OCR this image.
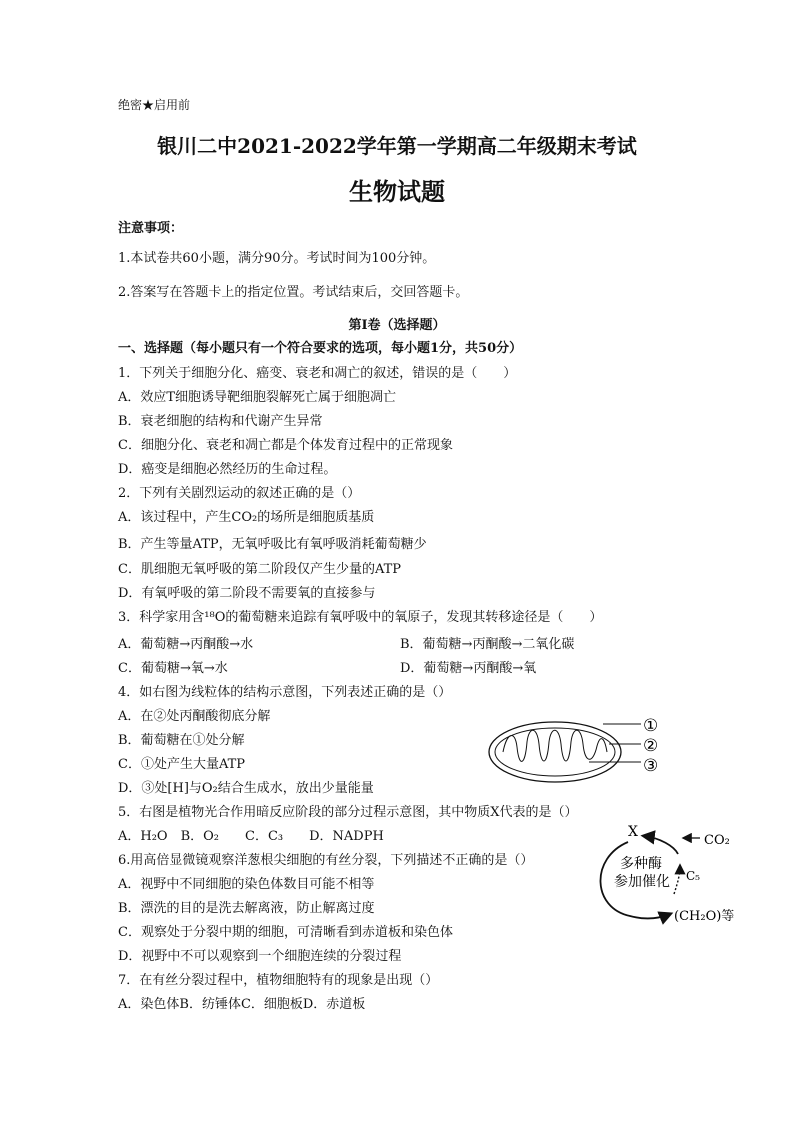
绝密★启用前
银川二中2021-2022学年第一学期高二年级期末考试
生物试题
注意事项：
1.本试卷共60小题，满分90分。考试时间为100分钟。
2.答案写在答题卡上的指定位置。考试结束后，交回答题卡。
第Ⅰ卷（选择题）
一、选择题（每小题只有一个符合要求的选项，每小题1分，共50分）
1．下列关于细胞分化、癌变、衰老和凋亡的叙述，错误的是（　　）
A．效应T细胞诱导靶细胞裂解死亡属于细胞凋亡
B．衰老细胞的结构和代谢产生异常
C．细胞分化、衰老和凋亡都是个体发育过程中的正常现象
D．癌变是细胞必然经历的生命过程。
2．下列有关剧烈运动的叙述正确的是（）
A．该过程中，产生CO₂的场所是细胞质基质
B．产生等量ATP，无氧呼吸比有氧呼吸消耗葡萄糖少
C．肌细胞无氧呼吸的第二阶段仅产生少量的ATP
D．有氧呼吸的第二阶段不需要氧的直接参与
3．科学家用含¹⁸O的葡萄糖来追踪有氧呼吸中的氧原子，发现其转移途径是（　　）
A．葡萄糖→丙酮酸→水	B．葡萄糖→丙酮酸→二氧化碳
C．葡萄糖→氧→水	D．葡萄糖→丙酮酸→氧
4．如右图为线粒体的结构示意图，下列表述正确的是（）
A．在②处丙酮酸彻底分解
B．葡萄糖在①处分解
C．①处产生大量ATP
D．③处[H]与O₂结合生成水，放出少量能量
①
②
③
5．右图是植物光合作用暗反应阶段的部分过程示意图，其中物质X代表的是（）
A．H₂O　B．O₂　　C．C₃　　D．NADPH	X
CO₂
多种酶
参加催化 C₅
(CH₂O)等
6.用高倍显微镜观察洋葱根尖细胞的有丝分裂，下列描述不正确的是（）
A．视野中不同细胞的染色体数目可能不相等
B．漂洗的目的是洗去解离液，防止解离过度
C．观察处于分裂中期的细胞，可清晰看到赤道板和染色体
D．视野中不可以观察到一个细胞连续的分裂过程
7．在有丝分裂过程中，植物细胞特有的现象是出现（）
A．染色体B．纺锤体C．细胞板D．赤道板
